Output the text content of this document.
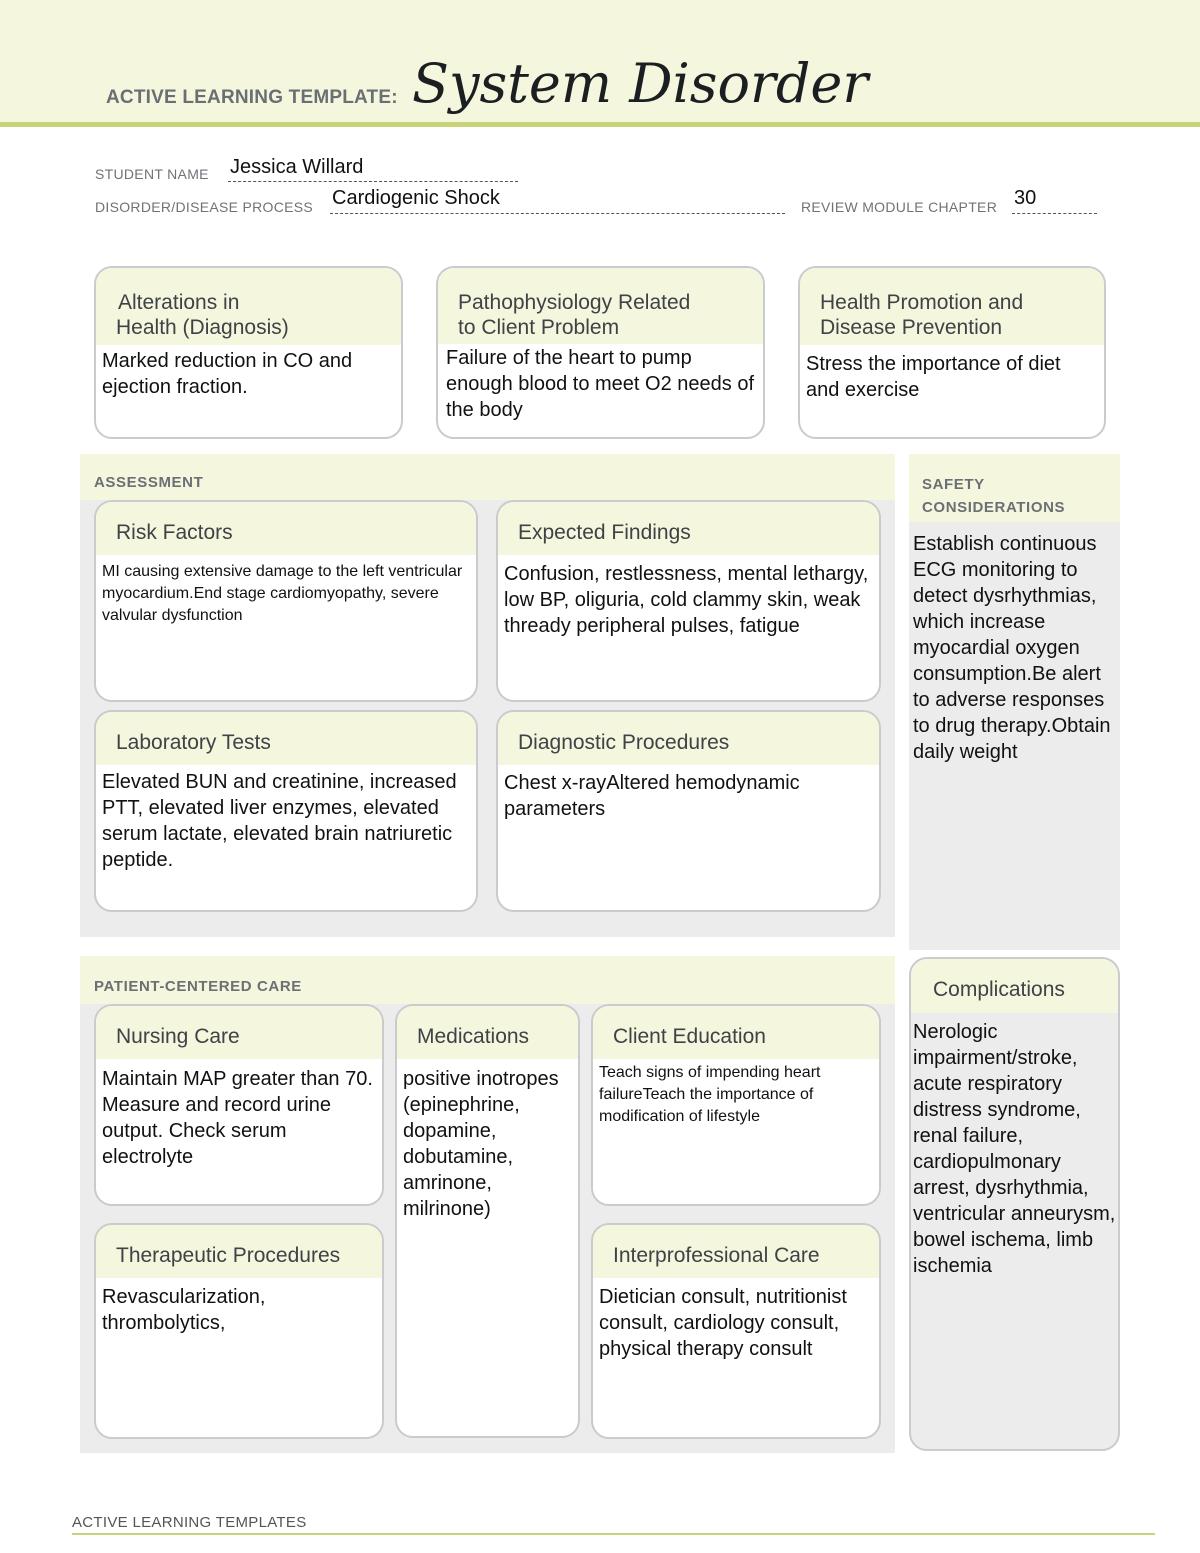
ACTIVE LEARNING TEMPLATE: System Disorder
STUDENT NAME Jessica Willard
DISORDER/DISEASE PROCESS Cardiogenic Shock	REVIEW MODULE CHAPTER 30
Alterations in
Health (Diagnosis)
Marked reduction in CO and ejection fraction.
Pathophysiology Related
to Client Problem
Failure of the heart to pump enough blood to meet O2 needs of the body
Health Promotion and
Disease Prevention
Stress the importance of diet and exercise
ASSESSMENT
Risk Factors
MI causing extensive damage to the left ventricular myocardium.End stage cardiomyopathy, severe valvular dysfunction
Expected Findings
Confusion, restlessness, mental lethargy, low BP, oliguria, cold clammy skin, weak thready peripheral pulses, fatigue
Laboratory Tests
Elevated BUN and creatinine, increased PTT, elevated liver enzymes, elevated serum lactate, elevated brain natriuretic peptide.
Diagnostic Procedures
Chest x-rayAltered hemodynamic parameters
SAFETY
CONSIDERATIONS
Establish continuous ECG monitoring to detect dysrhythmias, which increase myocardial oxygen consumption.Be alert to adverse responses to drug therapy.Obtain daily weight
PATIENT-CENTERED CARE
Nursing Care
Maintain MAP greater than 70. Measure and record urine output. Check serum electrolyte
Medications
positive inotropes (epinephrine, dopamine, dobutamine, amrinone, milrinone)
Client Education
Teach signs of impending heart failureTeach the importance of modification of lifestyle
Therapeutic Procedures
Revascularization, thrombolytics,
Interprofessional Care
Dietician consult, nutritionist consult, cardiology consult, physical therapy consult
Complications
Nerologic impairment/stroke, acute respiratory distress syndrome, renal failure, cardiopulmonary arrest, dysrhythmia, ventricular anneurysm, bowel ischema, limb ischemia
ACTIVE LEARNING TEMPLATES
